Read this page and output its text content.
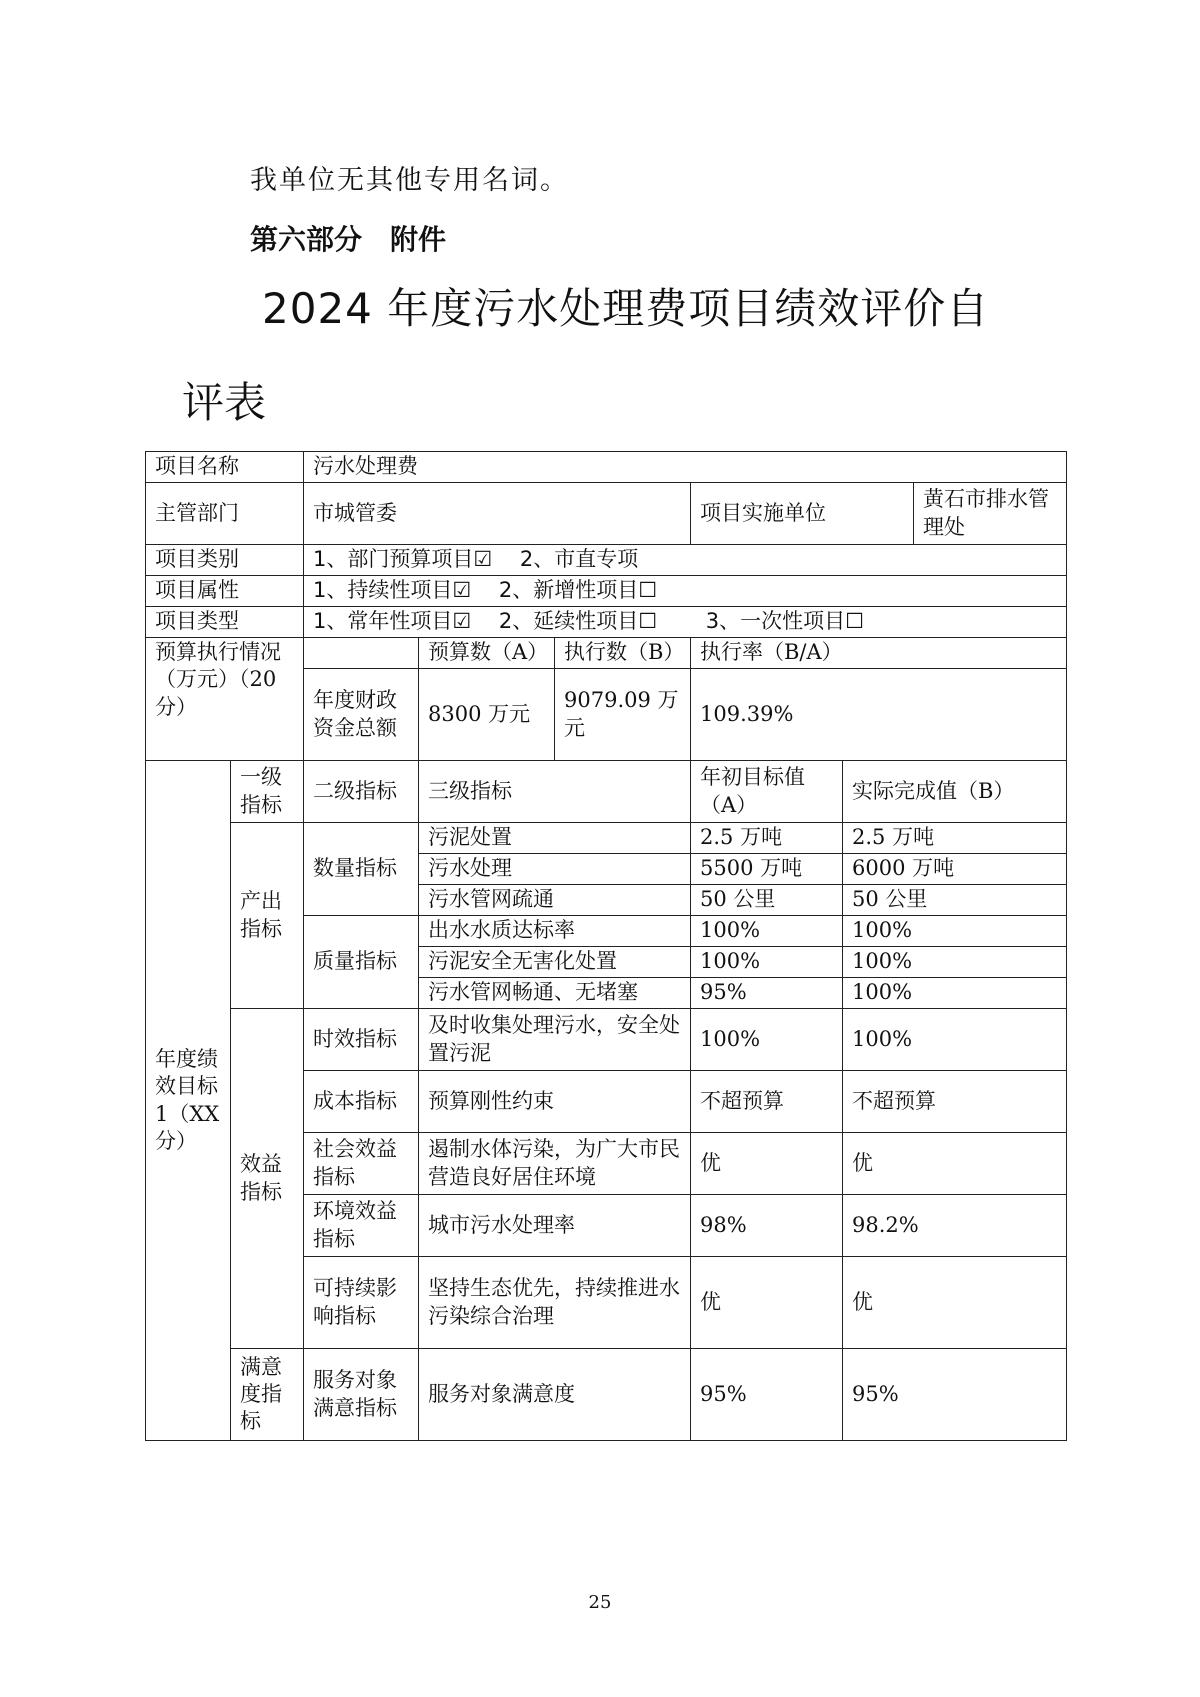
我单位无其他专用名词。
第六部分　附件
2024 年度污水处理费项目绩效评价自
评表
项目名称		污水处理费					
主管部门		市城管委			项目实施单位		黄石市排水管理处
项目类别		1、部门预算项目☑　 2、市直专项					
项目属性		1、持续性项目☑　 2、新增性项目☐					
项目类型		1、常年性项目☑　 2、延续性项目☐　　 3、一次性项目☐					
预算执行情况（万元）（20 分）			预算数（A）	执行数（B）	执行率（B/A）		
		年度财政资金总额	8300 万元	9079.09 万元	109.39%		
年度绩效目标1（XX分）	一级指标	二级指标	三级指标		年初目标值（A）	实际完成值（B）	
	产出指标	数量指标	污泥处置		2.5 万吨	2.5 万吨	
			污水处理		5500 万吨	6000 万吨	
			污水管网疏通		50 公里	50 公里	
		质量指标	出水水质达标率		100%	100%	
			污泥安全无害化处置		100%	100%	
			污水管网畅通、无堵塞		95%	100%	
	效益指标	时效指标	及时收集处理污水，安全处置污泥		100%	100%	
		成本指标	预算刚性约束		不超预算	不超预算	
		社会效益指标	遏制水体污染，为广大市民营造良好居住环境		优	优	
		环境效益指标	城市污水处理率		98%	98.2%	
		可持续影响指标	坚持生态优先，持续推进水污染综合治理		优	优	
	满意度指标	服务对象满意指标	服务对象满意度		95%	95%	
25
